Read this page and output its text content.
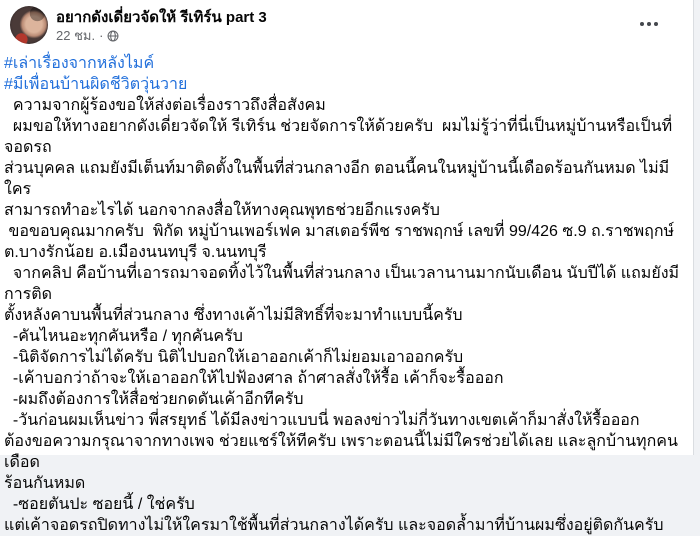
อยากดังเดี่ยวจัดให้ รีเทิร์น part 3
22 ชม. ·
#เล่าเรื่องจากหลังไมค์
#มีเพื่อนบ้านผิดชีวิตวุ่นวาย
ความจากผู้ร้องขอให้ส่งต่อเรื่องราวถึงสื่อสังคม
ผมขอให้ทางอยากดังเดี่ยวจัดให้ รีเทิร์น ช่วยจัดการให้ด้วยครับ  ผมไม่รู้ว่าที่นี่เป็นหมู่บ้านหรือเป็นที่จอดรถ
ส่วนบุคคล แถมยังมีเต็นท์มาติดตั้งในพื้นที่ส่วนกลางอีก ตอนนี้คนในหมู่บ้านนี้เดือดร้อนกันหมด ไม่มีใคร
สามารถทำอะไรได้ นอกจากลงสื่อให้ทางคุณพุทธช่วยอีกแรงครับ
ขอขอบคุณมากครับ  พิกัด หมู่บ้านเพอร์เฟค มาสเตอร์พีช ราชพฤกษ์ เลขที่ 99/426 ซ.9 ถ.ราชพฤกษ์
ต.บางรักน้อย อ.เมืองนนทบุรี จ.นนทบุรี
จากคลิป คือบ้านที่เอารถมาจอดทิ้งไว้ในพื้นที่ส่วนกลาง เป็นเวลานานมากนับเดือน นับปีได้ แถมยังมีการติด
ตั้งหลังคาบนพื้นที่ส่วนกลาง ซึ่งทางเค้าไม่มีสิทธิ์ที่จะมาทำแบบนี้ครับ
-คันไหนอะทุกคันหรือ / ทุกคันครับ
-นิติจัดการไม่ได้ครับ นิติไปบอกให้เอาออกเค้าก็ไม่ยอมเอาออกครับ
-เค้าบอกว่าถ้าจะให้เอาออกให้ไปฟ้องศาล ถ้าศาลสั่งให้รื้อ เค้าก็จะรื้อออก
-ผมถึงต้องการให้สื่อช่วยกดดันเค้าอีกทีครับ
-วันก่อนผมเห็นข่าว พี่สรยุทธ์ ได้มีลงข่าวแบบนี่ พอลงข่าวไม่กี่วันทางเขตเค้าก็มาสั่งให้รื้อออก
ต้องขอความกรุณาจากทางเพจ ช่วยแชร์ให้ทีครับ เพราะตอนนี้ไม่มีใครช่วยได้เลย และลูกบ้านทุกคน เดือด
ร้อนกันหมด
-ซอยตันปะ ซอยนี้ / ใช่ครับ
แต่เค้าจอดรถปิดทางไม่ให้ใครมาใช้พื้นที่ส่วนกลางได้ครับ และจอดล้ำมาที่บ้านผมซึ่งอยู่ติดกันครับ
